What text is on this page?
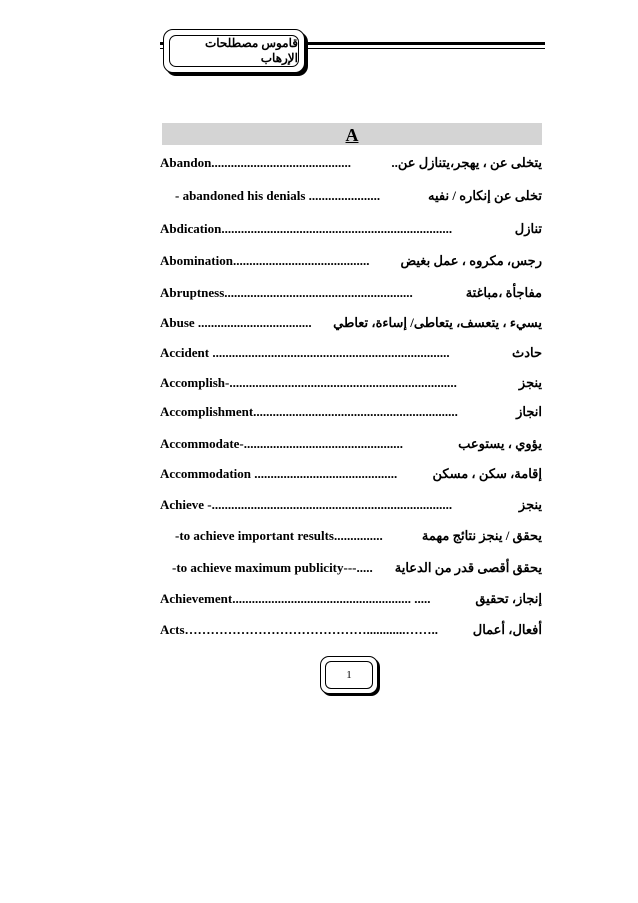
قاموس مصطلحات الإرهاب
A
Abandon...........................................	يتخلى عن ، يهجر،يتنازل عن..
- abandoned his denials ......................	تخلى عن إنكاره / نفيه
Abdication.......................................................................	تنازل
Abomination.......................................... رجس، مكروه ، عمل بغيض
Abruptness..........................................................	مفاجأة ،مباغتة
Abuse ................................... يسيء ، يتعسف، يتعاطى/ إساءة، تعاطي
Accident .........................................................................	حادث
Accomplish-......................................................................	ينجز
Accomplishment...............................................................	انجاز
Accommodate-.................................................	يؤوي ، يستوعب
Accommodation ............................................	إقامة، سكن ، مسكن
Achieve -..........................................................................	ينجز
-to achieve important results...............	يحقق / ينجز نتائج مهمة
-to achieve maximum publicity---..... يحقق أقصى قدر من الدعاية
Achievement....................................................... .....	إنجاز، تحقيق
Acts……………………………………............……..	أفعال، أعمال
1
